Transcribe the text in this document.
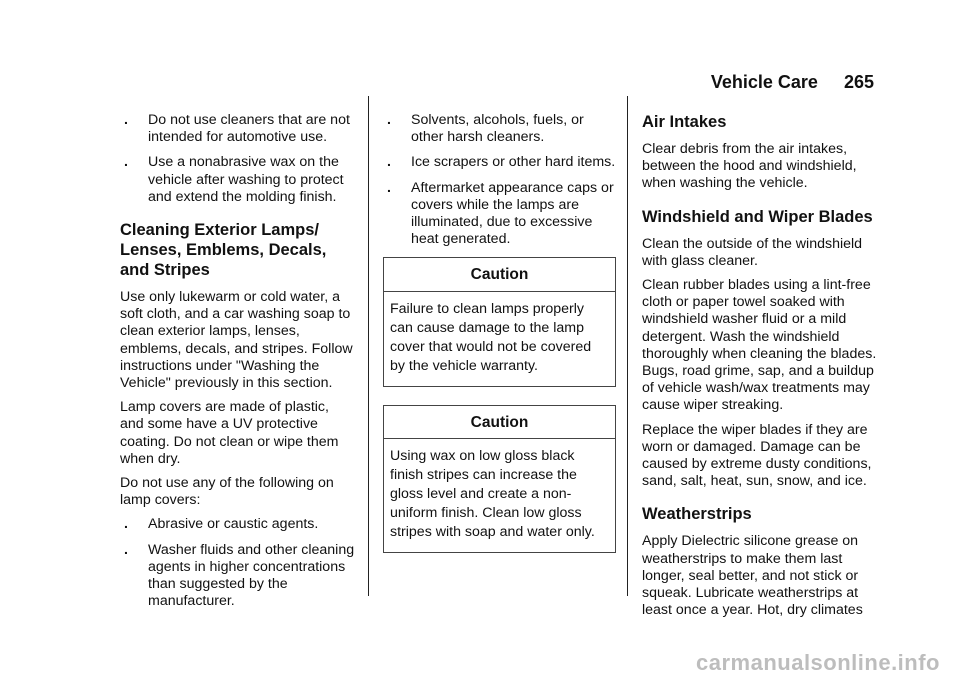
Vehicle Care 265
.	Do not use cleaners that are not intended for automotive use.
.	Use a nonabrasive wax on the vehicle after washing to protect and extend the molding finish.
Cleaning Exterior Lamps/ Lenses, Emblems, Decals, and Stripes

Use only lukewarm or cold water, a soft cloth, and a car washing soap to clean exterior lamps, lenses, emblems, decals, and stripes. Follow instructions under "Washing the Vehicle" previously in this section.

Lamp covers are made of plastic, and some have a UV protective coating. Do not clean or wipe them when dry.

Do not use any of the following on lamp covers:

.	Abrasive or caustic agents.
.	Washer fluids and other cleaning agents in higher concentrations than suggested by the manufacturer.
.	Solvents, alcohols, fuels, or other harsh cleaners.
.	Ice scrapers or other hard items.
.	Aftermarket appearance caps or covers while the lamps are illuminated, due to excessive heat generated.
Caution
Failure to clean lamps properly can cause damage to the lamp cover that would not be covered by the vehicle warranty.
Caution
Using wax on low gloss black finish stripes can increase the gloss level and create a non-uniform finish. Clean low gloss stripes with soap and water only.
Air Intakes

Clear debris from the air intakes, between the hood and windshield, when washing the vehicle.

Windshield and Wiper Blades

Clean the outside of the windshield with glass cleaner.

Clean rubber blades using a lint-free cloth or paper towel soaked with windshield washer fluid or a mild detergent. Wash the windshield thoroughly when cleaning the blades. Bugs, road grime, sap, and a buildup of vehicle wash/wax treatments may cause wiper streaking.

Replace the wiper blades if they are worn or damaged. Damage can be caused by extreme dusty conditions, sand, salt, heat, sun, snow, and ice.

Weatherstrips

Apply Dielectric silicone grease on weatherstrips to make them last longer, seal better, and not stick or squeak. Lubricate weatherstrips at least once a year. Hot, dry climates

carmanualsonline.info
